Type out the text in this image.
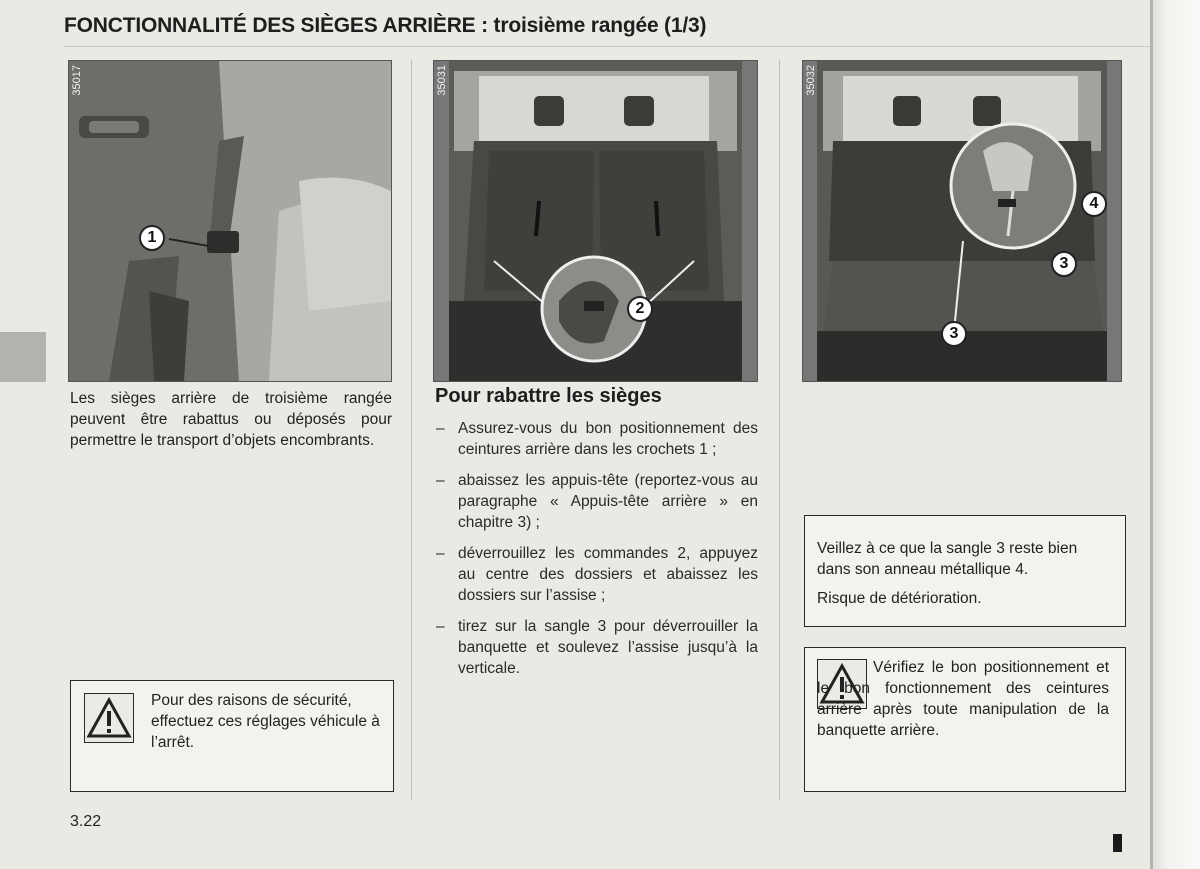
FONCTIONNALITÉ DES SIÈGES ARRIÈRE : troisième rangée (1/3)
35017
1
35031
2
35032
4
3
3
Les sièges arrière de troisième rangée peuvent être rabattus ou déposés pour permettre le transport d’objets encombrants.
Pour des raisons de sécurité, effectuez ces réglages véhicule à l’arrêt.
Pour rabattre les sièges
– Assurez-vous du bon positionnement des ceintures arrière dans les crochets 1 ;
– abaissez les appuis-tête (reportez-vous au paragraphe « Appuis-tête arrière » en chapitre 3) ;
– déverrouillez les commandes 2, appuyez au centre des dossiers et abaissez les dossiers sur l’assise ;
– tirez sur la sangle 3 pour déverrouiller la banquette et soulevez l’assise jusqu’à la verticale.
Veillez à ce que la sangle 3 reste bien dans son anneau métallique 4.
Risque de détérioration.
Vérifiez le bon positionnement et le bon fonctionnement des ceintures arrière après toute manipulation de la banquette arrière.
3.22
